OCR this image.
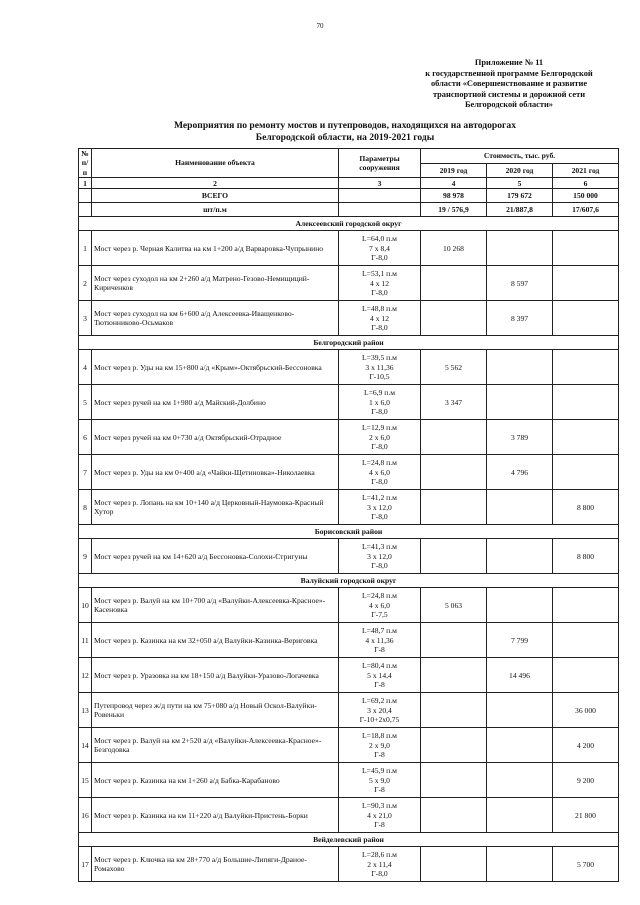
70
Приложение № 11
к государственной программе Белгородской
области «Совершенствование и развитие
транспортной системы и дорожной сети
Белгородской области»
Мероприятия по ремонту мостов и путепроводов, находящихся на автодорогах
Белгородской области, на 2019-2021 годы
№ п/п	Наименование объекта	Параметры сооружения	Стоимость, тыс. руб.		
			2019 год	2020 год	2021 год
1	2	3	4	5	6
	ВСЕГО		98 978	179 672	150 000
	шт/п.м		19 / 576,9	21/887,8	17/607,6
Алексеевский городской округ					
1	Мост через р. Черная Калитва на км 1+200 а/д Варваровка-Чупрынино	L=64,0 п.м
7 x 8,4
Г-8,0	10 268		
2	Мост через суходол на км 2+260 а/д Матрено-Гезово-Немищиций-Кириченков	L=53,1 п.м
4 x 12
Г-8,0		8 597	
3	Мост через суходол на км 6+600 а/д Алексеевка-Иващенково-Тютюнниково-Осьмаков	L=48,8 п.м
4 x 12
Г-8,0		8 397	
Белгородский район					
4	Мост через р. Уды на км 15+800 а/д «Крым»-Октябрьский-Бессоновка	L=39,5 п.м
3 x 11,36
Г-10,5	5 562		
5	Мост через ручей на км 1+980 а/д Майский-Долбино	L=6,9 п.м
1 x 6,0
Г-8,0	3 347		
6	Мост через ручей на км 0+730 а/д Октябрьский-Отрадное	L=12,9 п.м
2 x 6,0
Г-8,0		3 789	
7	Мост через р. Уды на км 0+400 а/д «Чайки-Щетиновка»-Николаевка	L=24,8 п.м
4 x 6,0
Г-8,0		4 796	
8	Мост через р. Лопань на км 10+140 а/д Церковный-Наумовка-Красный Хутор	L=41,2 п.м
3 x 12,0
Г-8,0			8 800
Борисовский район					
9	Мост через ручей на км 14+620 а/д Бессоновка-Солохи-Стригуны	L=41,3 п.м
3 x 12,0
Г-8,0			8 800
Валуйский городской округ					
10	Мост через р. Валуй на км 10+700 а/д «Валуйки-Алексеевка-Красное»-Касеновка	L=24,8 п.м
4 x 6,0
Г-7,5	5 063		
11	Мост через р. Казинка на км 32+050 а/д Валуйки-Казинка-Вериговка	L=48,7 п.м
4 x 11,36
Г-8		7 799	
12	Мост через р. Уразовка на км 18+150 а/д Валуйки-Уразово-Логачевка	L=80,4 п.м
5 x 14,4
Г-8		14 496	
13	Путепровод через ж/д пути на км 75+080 а/д Новый Оскол-Валуйки-Ровеньки	L=69,2 п.м
3 x 20,4
Г-10+2x0,75			36 000
14	Мост через р. Валуй на км 2+520 а/д «Валуйки-Алексеевка-Красное»-Безгодовка	L=18,8 п.м
2 x 9,0
Г-8			4 200
15	Мост через р. Казинка на км 1+260 а/д Бабка-Карабаново	L=45,9 п.м
5 x 9,0
Г-8			9 200
16	Мост через р. Казинка на км 11+220 а/д Валуйки-Пристень-Борки	L=90,3 п.м
4 x 21,0
Г-8			21 800
Вейделевский район					
17	Мост через р. Ключка на км 28+770 а/д Большие-Липяги-Драное-Ромахово	L=28,6 п.м
2 x 11,4
Г-8,0			5 700
